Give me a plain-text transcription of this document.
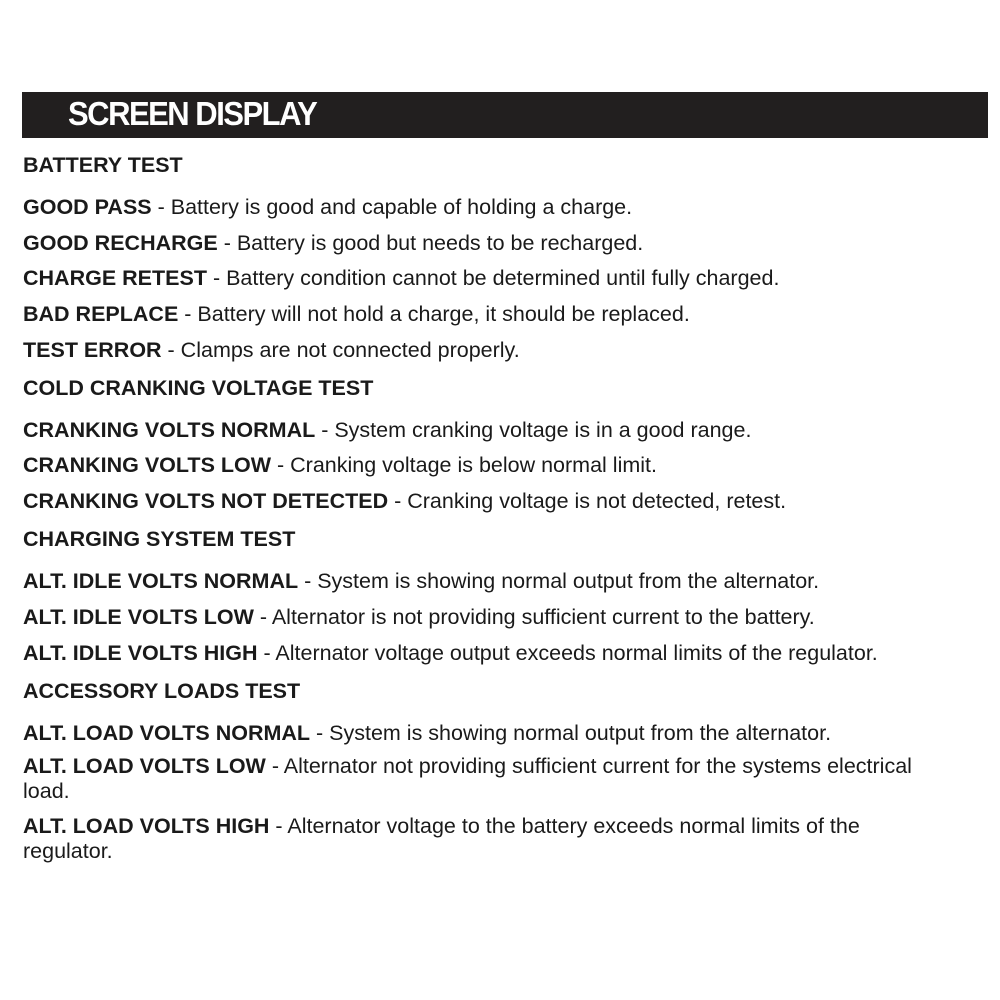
SCREEN DISPLAY
BATTERY TEST
GOOD PASS - Battery is good and capable of holding a charge.
GOOD RECHARGE - Battery is good but needs to be recharged.
CHARGE RETEST - Battery condition cannot be determined until fully charged.
BAD REPLACE - Battery will not hold a charge, it should be replaced.
TEST ERROR - Clamps are not connected properly.
COLD CRANKING VOLTAGE TEST
CRANKING VOLTS NORMAL - System cranking voltage is in a good range.
CRANKING VOLTS LOW - Cranking voltage is below normal limit.
CRANKING VOLTS NOT DETECTED - Cranking voltage is not detected, retest.
CHARGING SYSTEM TEST
ALT. IDLE VOLTS NORMAL - System is showing normal output from the alternator.
ALT. IDLE VOLTS LOW - Alternator is not providing sufficient current to the battery.
ALT. IDLE VOLTS HIGH - Alternator voltage output exceeds normal limits of the regulator.
ACCESSORY LOADS TEST
ALT. LOAD VOLTS NORMAL - System is showing normal output from the alternator.
ALT. LOAD VOLTS LOW - Alternator not providing sufficient current for the systems electrical load.
ALT. LOAD VOLTS HIGH - Alternator voltage to the battery exceeds normal limits of the regulator.
